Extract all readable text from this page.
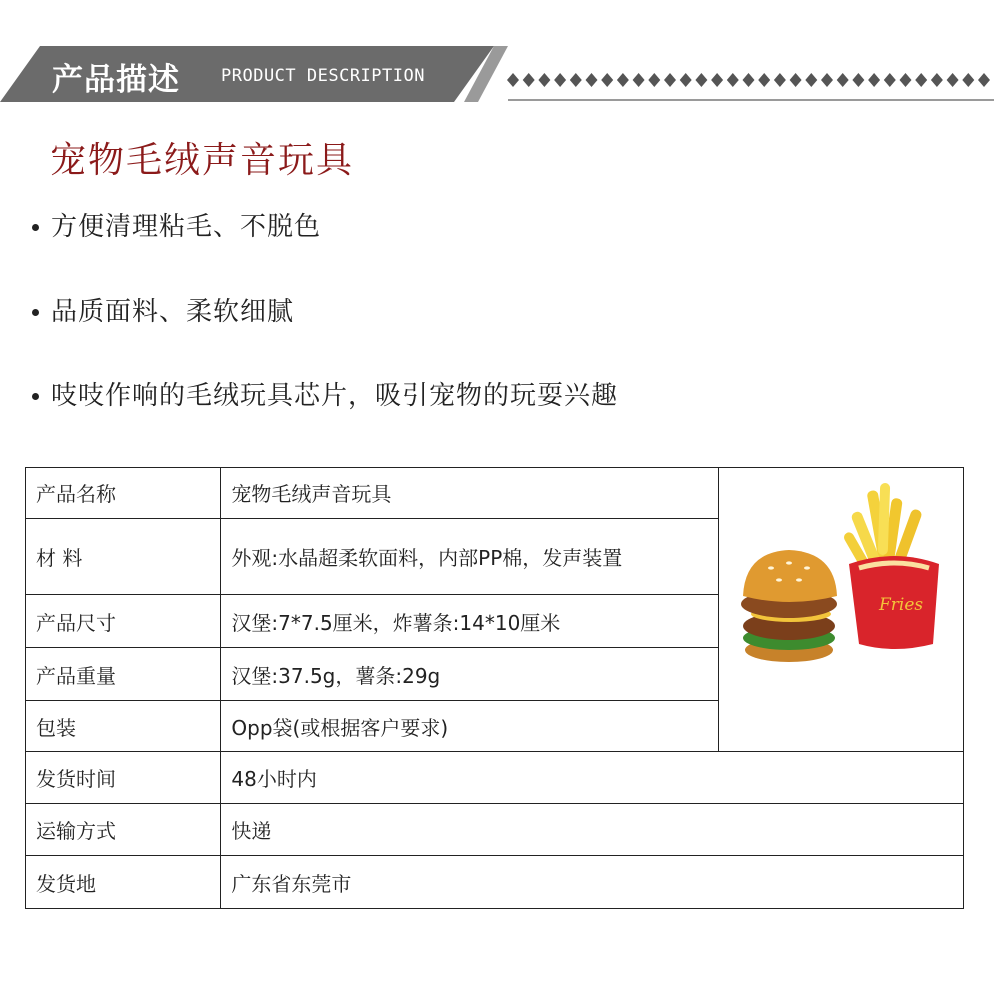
产品描述 PRODUCT DESCRIPTION
宠物毛绒声音玩具
方便清理粘毛、不脱色
品质面料、柔软细腻
吱吱作响的毛绒玩具芯片，吸引宠物的玩耍兴趣
产品名称	宠物毛绒声音玩具	Fries

材 料	外观:水晶超柔软面料，内部PP棉，发声装置	
产品尺寸	汉堡:7*7.5厘米，炸薯条:14*10厘米	
产品重量	汉堡:37.5g，薯条:29g	
包装	Opp袋(或根据客户要求)	
发货时间	48小时内	
运输方式	快递	
发货地	广东省东莞市	
